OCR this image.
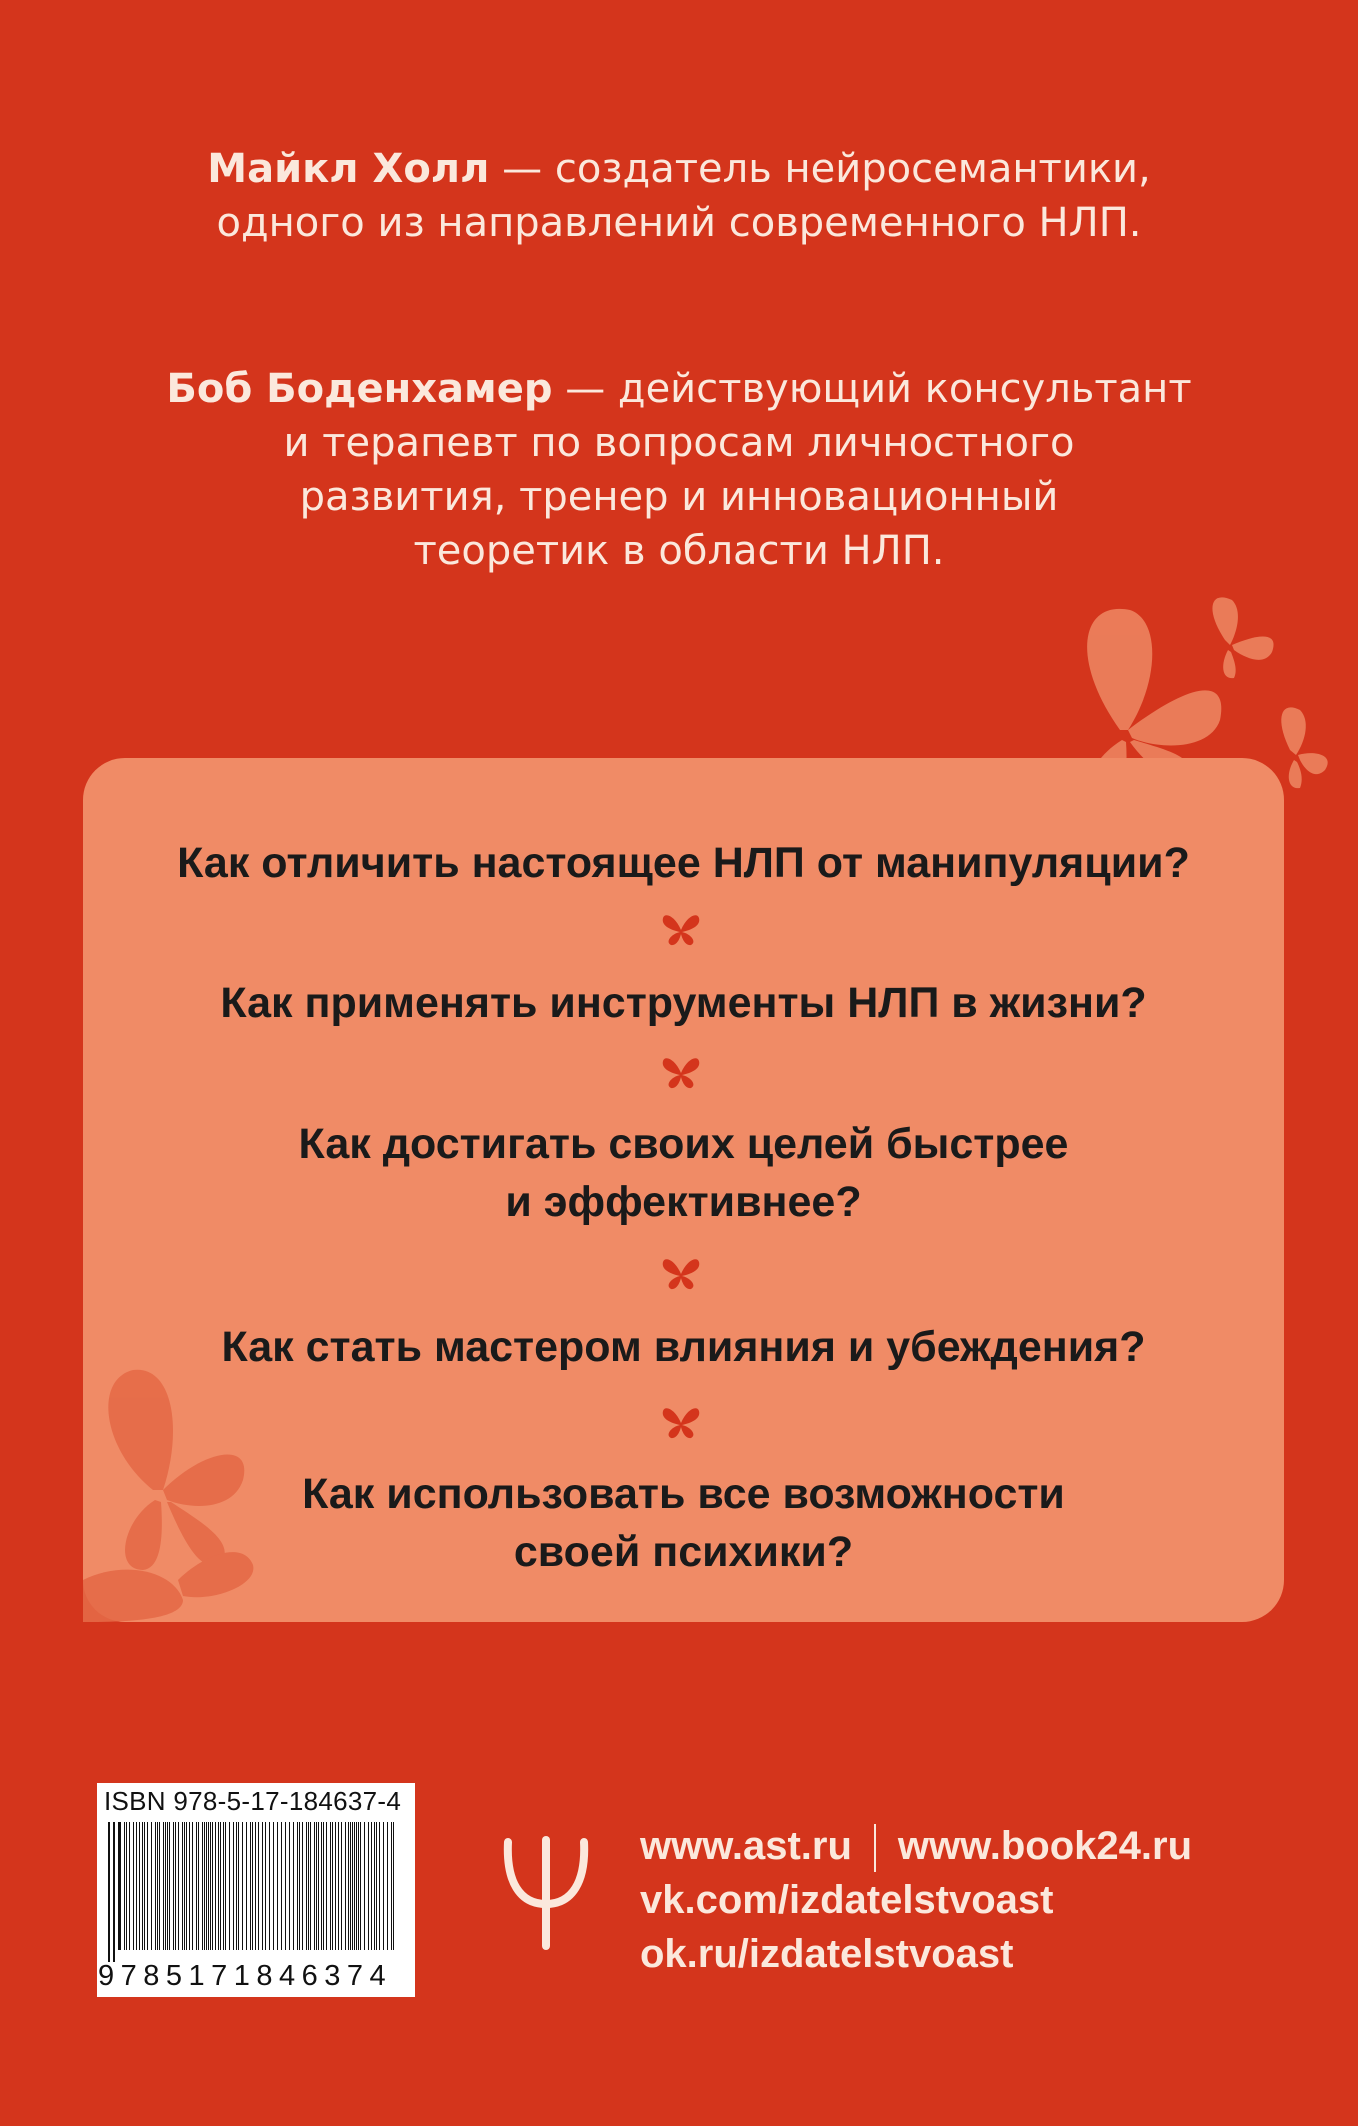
Майкл Холл — создатель нейросемантики,
одного из направлений современного НЛП.
Боб Боденхамер — действующий консультант
и терапевт по вопросам личностного
развития, тренер и инновационный
теоретик в области НЛП.
Как отличить настоящее НЛП от манипуляции?
Как применять инструменты НЛП в жизни?
Как достигать своих целей быстрее
и эффективнее?
Как стать мастером влияния и убеждения?
Как использовать все возможности
своей психики?
ISBN 978-5-17-184637-4
9785171846374
www.ast.ru www.book24.ru
vk.com/izdatelstvoast
ok.ru/izdatelstvoast
